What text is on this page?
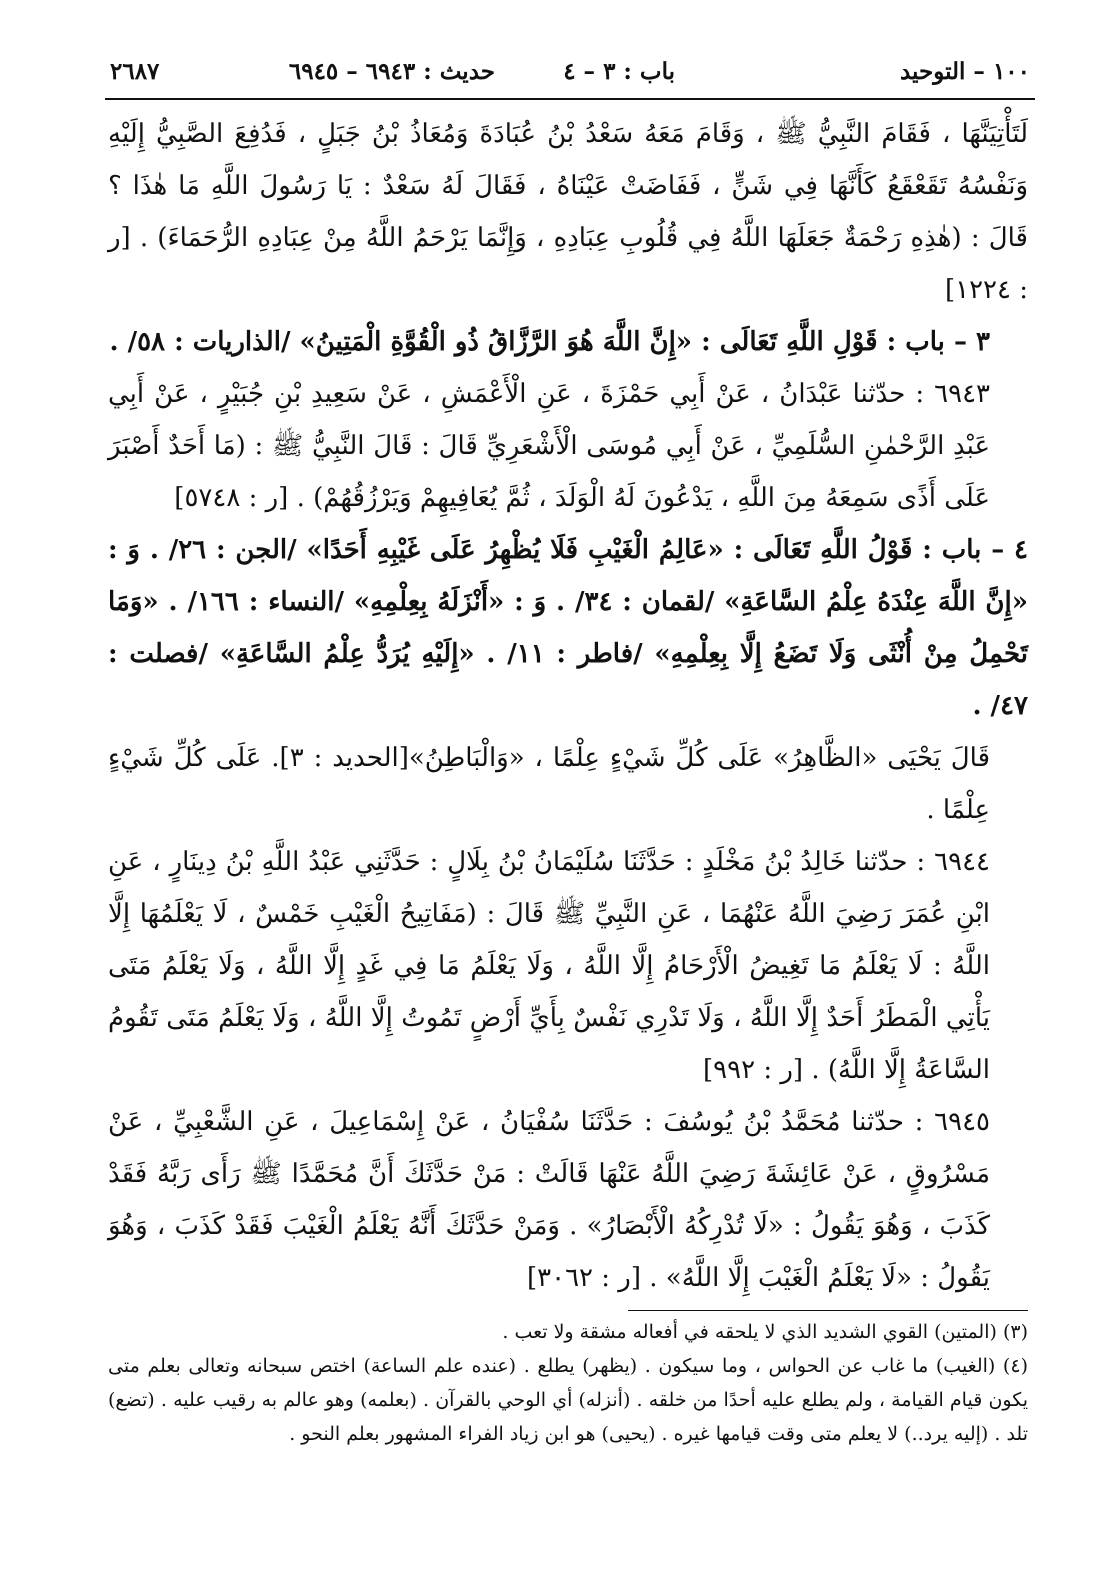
١٠٠ – التوحيد
باب : ٣ – ٤
حديث : ٦٩٤٣ – ٦٩٤٥
٢٦٨٧

لَتَأْتِيَنَّهَا ، فَقَامَ النَّبِيُّ ﷺ ، وَقَامَ مَعَهُ سَعْدُ بْنُ عُبَادَةَ وَمُعَاذُ بْنُ جَبَلٍ ، فَدُفِعَ الصَّبِيُّ إِلَيْهِ وَنَفْسُهُ تَقَعْقَعُ كَأَنَّهَا فِي شَنٍّ ، فَفَاضَتْ عَيْنَاهُ ، فَقَالَ لَهُ سَعْدٌ : يَا رَسُولَ اللَّهِ مَا هٰذَا ؟ قَالَ : (هٰذِهِ رَحْمَةٌ جَعَلَهَا اللَّهُ فِي قُلُوبِ عِبَادِهِ ، وَإِنَّمَا يَرْحَمُ اللَّهُ مِنْ عِبَادِهِ الرُّحَمَاءَ) . [ر : ١٢٢٤]

٣ – باب : قَوْلِ اللَّهِ تَعَالَى : «إِنَّ اللَّهَ هُوَ الرَّزَّاقُ ذُو الْقُوَّةِ الْمَتِينُ» /الذاريات : ٥٨/ .

٦٩٤٣ : حدّثنا عَبْدَانُ ، عَنْ أَبِي حَمْزَةَ ، عَنِ الْأَعْمَشِ ، عَنْ سَعِيدِ بْنِ جُبَيْرٍ ، عَنْ أَبِي عَبْدِ الرَّحْمٰنِ السُّلَمِيِّ ، عَنْ أَبِي مُوسَى الْأَشْعَرِيِّ قَالَ : قَالَ النَّبِيُّ ﷺ : (مَا أَحَدٌ أَصْبَرَ عَلَى أَذًى سَمِعَهُ مِنَ اللَّهِ ، يَدْعُونَ لَهُ الْوَلَدَ ، ثُمَّ يُعَافِيهِمْ وَيَرْزُقُهُمْ) . [ر : ٥٧٤٨]

٤ – باب : قَوْلُ اللَّهِ تَعَالَى : «عَالِمُ الْغَيْبِ فَلَا يُظْهِرُ عَلَى غَيْبِهِ أَحَدًا» /الجن : ٢٦/ . وَ : «إِنَّ اللَّهَ عِنْدَهُ عِلْمُ السَّاعَةِ» /لقمان : ٣٤/ . وَ : «أَنْزَلَهُ بِعِلْمِهِ» /النساء : ١٦٦/ . «وَمَا تَحْمِلُ مِنْ أُنْثَى وَلَا تَضَعُ إِلَّا بِعِلْمِهِ» /فاطر : ١١/ . «إِلَيْهِ يُرَدُّ عِلْمُ السَّاعَةِ» /فصلت : ٤٧/ .

قَالَ يَحْيَى «الظَّاهِرُ» عَلَى كُلِّ شَيْءٍ عِلْمًا ، «وَالْبَاطِنُ»[الحديد : ٣]. عَلَى كُلِّ شَيْءٍ عِلْمًا .

٦٩٤٤ : حدّثنا خَالِدُ بْنُ مَخْلَدٍ : حَدَّثَنَا سُلَيْمَانُ بْنُ بِلَالٍ : حَدَّثَنِي عَبْدُ اللَّهِ بْنُ دِينَارٍ ، عَنِ ابْنِ عُمَرَ رَضِيَ اللَّهُ عَنْهُمَا ، عَنِ النَّبِيِّ ﷺ قَالَ : (مَفَاتِيحُ الْغَيْبِ خَمْسٌ ، لَا يَعْلَمُهَا إِلَّا اللَّهُ : لَا يَعْلَمُ مَا تَغِيضُ الْأَرْحَامُ إِلَّا اللَّهُ ، وَلَا يَعْلَمُ مَا فِي غَدٍ إِلَّا اللَّهُ ، وَلَا يَعْلَمُ مَتَى يَأْتِي الْمَطَرُ أَحَدٌ إِلَّا اللَّهُ ، وَلَا تَدْرِي نَفْسٌ بِأَيِّ أَرْضٍ تَمُوتُ إِلَّا اللَّهُ ، وَلَا يَعْلَمُ مَتَى تَقُومُ السَّاعَةُ إِلَّا اللَّهُ) . [ر : ٩٩٢]

٦٩٤٥ : حدّثنا مُحَمَّدُ بْنُ يُوسُفَ : حَدَّثَنَا سُفْيَانُ ، عَنْ إِسْمَاعِيلَ ، عَنِ الشَّعْبِيِّ ، عَنْ مَسْرُوقٍ ، عَنْ عَائِشَةَ رَضِيَ اللَّهُ عَنْهَا قَالَتْ : مَنْ حَدَّثَكَ أَنَّ مُحَمَّدًا ﷺ رَأَى رَبَّهُ فَقَدْ كَذَبَ ، وَهُوَ يَقُولُ : «لَا تُدْرِكُهُ الْأَبْصَارُ» . وَمَنْ حَدَّثَكَ أَنَّهُ يَعْلَمُ الْغَيْبَ فَقَدْ كَذَبَ ، وَهُوَ يَقُولُ : «لَا يَعْلَمُ الْغَيْبَ إِلَّا اللَّهُ» . [ر : ٣٠٦٢]

(٣) (المتين) القوي الشديد الذي لا يلحقه في أفعاله مشقة ولا تعب .

(٤) (الغيب) ما غاب عن الحواس ، وما سيكون . (يظهر) يطلع . (عنده علم الساعة) اختص سبحانه وتعالى بعلم متى يكون قيام القيامة ، ولم يطلع عليه أحدًا من خلقه . (أنزله) أي الوحي بالقرآن . (بعلمه) وهو عالم به رقيب عليه . (تضع) تلد . (إليه يرد..) لا يعلم متى وقت قيامها غيره . (يحيى) هو ابن زياد الفراء المشهور بعلم النحو .
